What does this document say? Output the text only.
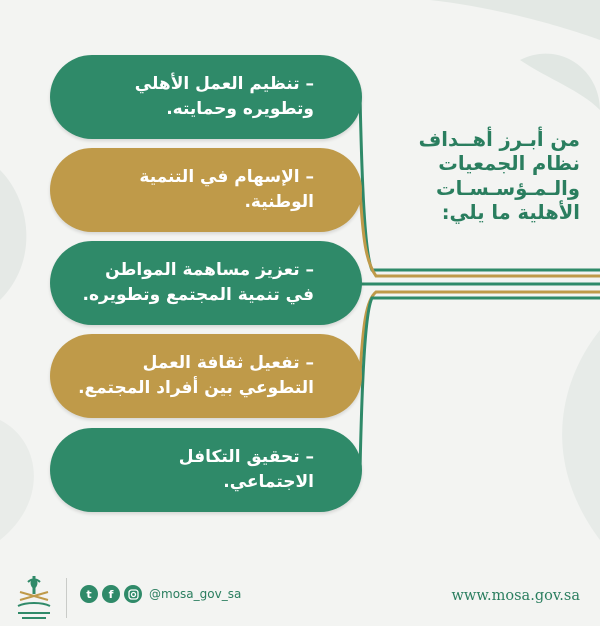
من أبـرز أهــداف
نظام الجمعيات
والـمـؤسـسـات
الأهلية ما يلي:
– تنظيم العمل الأهلي
وتطويره وحمايته.
– الإسهام في التنمية
الوطنية.
– تعزيز مساهمة المواطن
في تنمية المجتمع وتطويره.
– تفعيل ثقافة العمل
التطوعي بين أفراد المجتمع.
– تحقيق التكافل
الاجتماعي.
t	f	@mosa_gov_sa	www.mosa.gov.sa
